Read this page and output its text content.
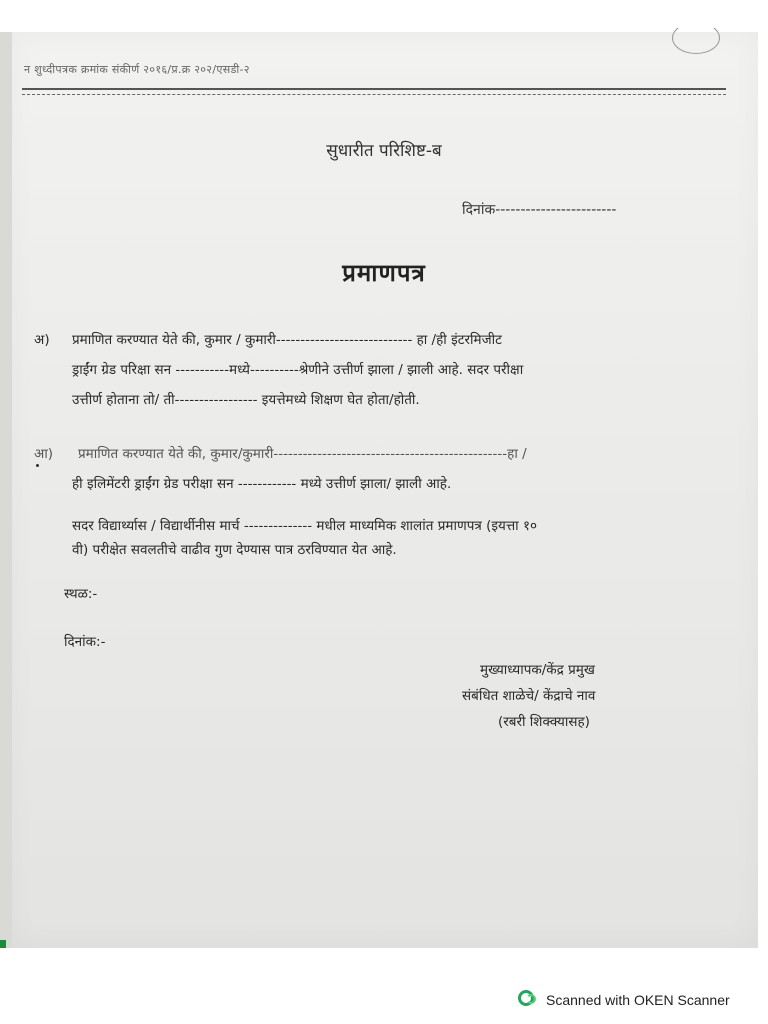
न शुध्दीपत्रक क्रमांक संकीर्ण २०१६/प्र.क्र २०२/एसडी-२
सुधारीत परिशिष्ट-ब
दिनांक------------------------
प्रमाणपत्र
अ) प्रमाणित करण्यात येते की, कुमार / कुमारी---------------------------- हा /ही इंटरमिजीट
ड्राईंग ग्रेड परिक्षा सन -----------मध्ये----------श्रेणीने उत्तीर्ण झाला / झाली आहे. सदर परीक्षा
उत्तीर्ण होताना तो/ ती----------------- इयत्तेमध्ये शिक्षण घेत होता/होती.
आ) प्रमाणित करण्यात येते की, कुमार/कुमारी------------------------------------------------हा /
ही इलिमेंटरी ड्राईंग ग्रेड परीक्षा सन ------------ मध्ये उत्तीर्ण झाला/ झाली आहे.
सदर विद्यार्थ्यास / विद्यार्थीनीस मार्च -------------- मधील माध्यमिक शालांत प्रमाणपत्र (इयत्ता १०
वी) परीक्षेत सवलतीचे वाढीव गुण देण्यास पात्र ठरविण्यात येत आहे.
स्थळ:-
दिनांक:-
मुख्याध्यापक/केंद्र प्रमुख
संबंधित शाळेचे/ केंद्राचे नाव
(रबरी शिक्क्यासह)
Scanned with OKEN Scanner
